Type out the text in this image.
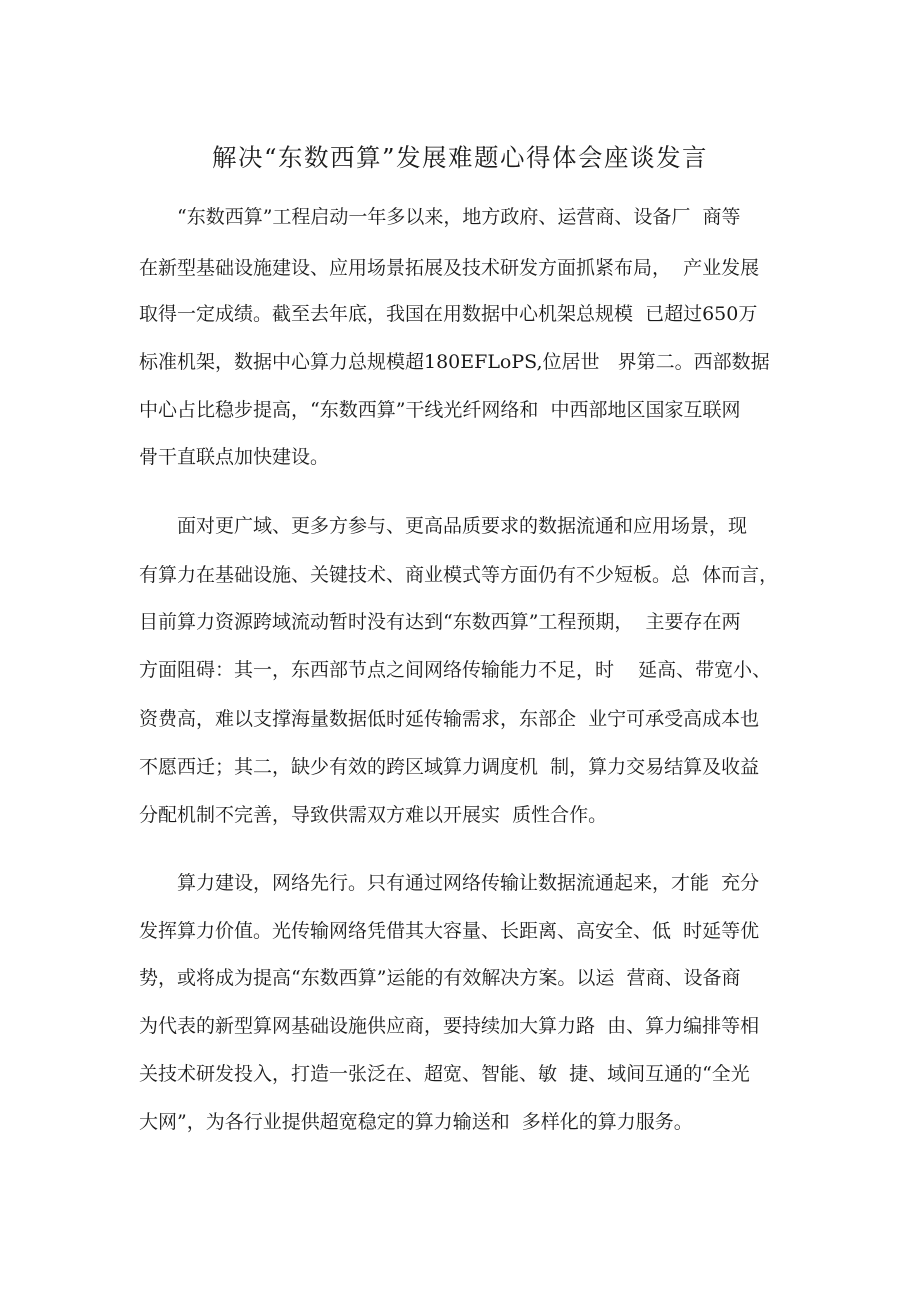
解决“东数西算”发展难题心得体会座谈发言
“东数西算”工程启动一年多以来，地方政府、运营商、设备厂  商等
在新型基础设施建设、应用场景拓展及技术研发方面抓紧布局，  产业发展
取得一定成绩。截至去年底，我国在用数据中心机架总规模  已超过650万
标准机架，数据中心算力总规模超180EFLoPS,位居世   界第二。西部数据
中心占比稳步提高，“东数西算”干线光纤网络和  中西部地区国家互联网
骨干直联点加快建设。
面对更广域、更多方参与、更高品质要求的数据流通和应用场景，现
有算力在基础设施、关键技术、商业模式等方面仍有不少短板。总  体而言，
目前算力资源跨域流动暂时没有达到“东数西算”工程预期，  主要存在两
方面阻碍：其一，东西部节点之间网络传输能力不足，时    延高、带宽小、
资费高，难以支撑海量数据低时延传输需求，东部企  业宁可承受高成本也
不愿西迁；其二，缺少有效的跨区域算力调度机  制，算力交易结算及收益
分配机制不完善，导致供需双方难以开展实  质性合作。
算力建设，网络先行。只有通过网络传输让数据流通起来，才能  充分
发挥算力价值。光传输网络凭借其大容量、长距离、高安全、低  时延等优
势，或将成为提高“东数西算”运能的有效解决方案。以运  营商、设备商
为代表的新型算网基础设施供应商，要持续加大算力路  由、算力编排等相
关技术研发投入，打造一张泛在、超宽、智能、敏  捷、域间互通的“全光
大网”，为各行业提供超宽稳定的算力输送和  多样化的算力服务。
